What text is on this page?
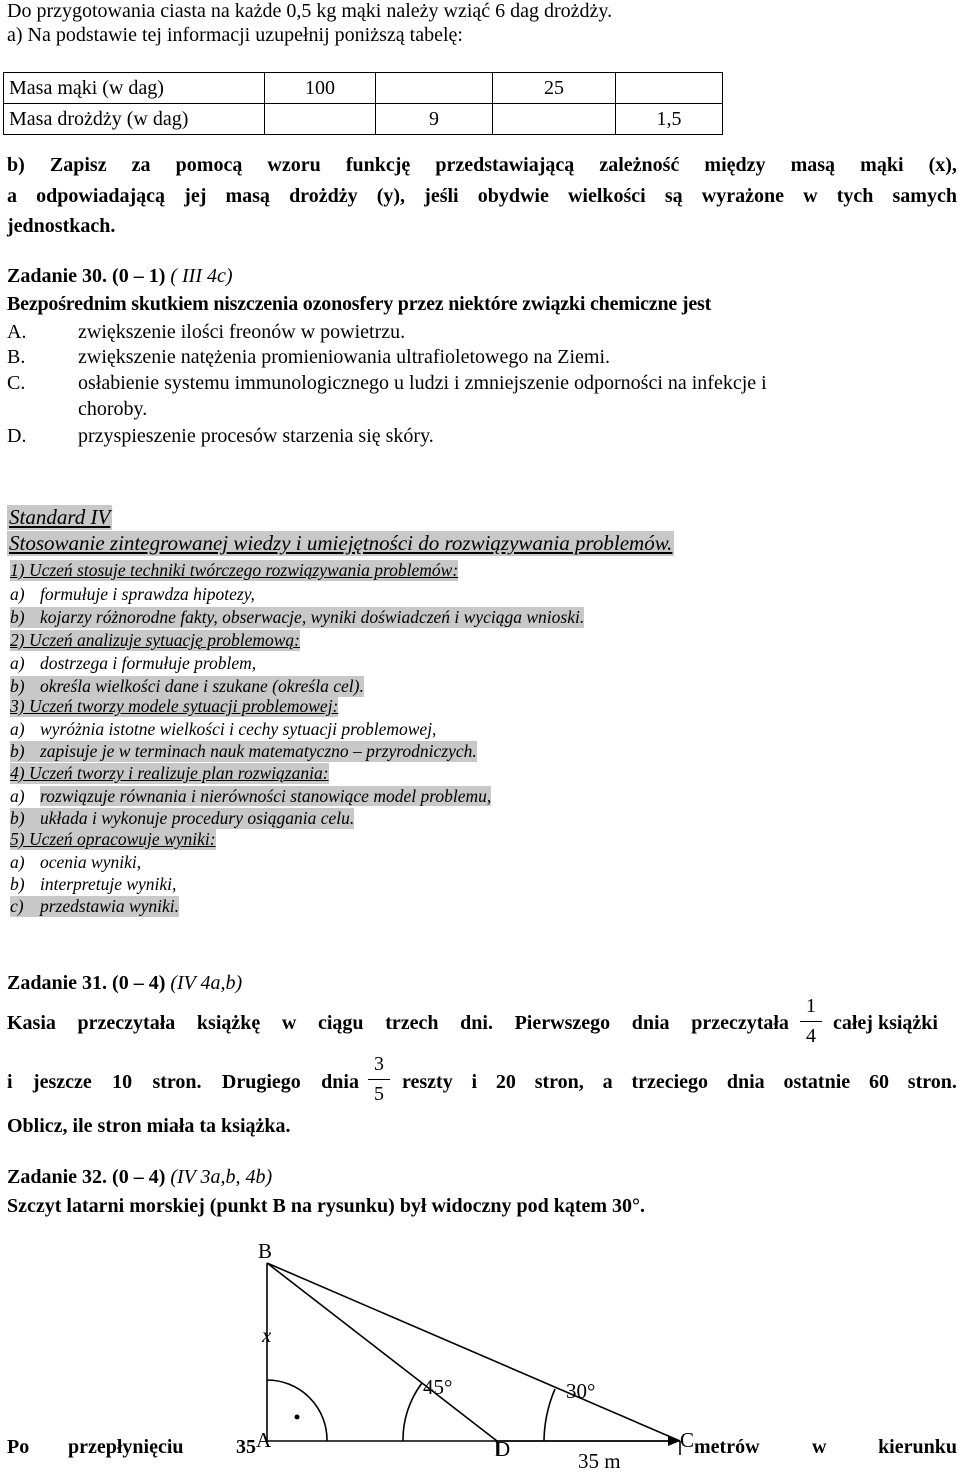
Do przygotowania ciasta na każde 0,5 kg mąki należy wziąć 6 dag drożdży.
a) Na podstawie tej informacji uzupełnij poniższą tabelę:
Masa mąki (w dag)	100		25	
Masa drożdży (w dag)		9		1,5
b) Zapisz za pomocą wzoru funkcję przedstawiającą zależność między masą mąki (x),
a odpowiadającą jej masą drożdży (y), jeśli obydwie wielkości są wyrażone w tych samych
jednostkach.
Zadanie 30. (0 – 1) ( III 4c)
Bezpośrednim skutkiem niszczenia ozonosfery przez niektóre związki chemiczne jest
A.	zwiększenie ilości freonów w powietrzu.
B.	zwiększenie natężenia promieniowania ultrafioletowego na Ziemi.
C.	osłabienie systemu immunologicznego u ludzi i zmniejszenie odporności na infekcje i
choroby.
D.	przyspieszenie procesów starzenia się skóry.
Standard IV
Stosowanie zintegrowanej wiedzy i umiejętności do rozwiązywania problemów.
1) Uczeń stosuje techniki twórczego rozwiązywania problemów:
a) formułuje i sprawdza hipotezy,
b) kojarzy różnorodne fakty, obserwacje, wyniki doświadczeń i wyciąga wnioski.
2) Uczeń analizuje sytuację problemową:
a) dostrzega i formułuje problem,
b) określa wielkości dane i szukane (określa cel).
3) Uczeń tworzy modele sytuacji problemowej:
a) wyróżnia istotne wielkości i cechy sytuacji problemowej,
b) zapisuje je w terminach nauk matematyczno – przyrodniczych.
4) Uczeń tworzy i realizuje plan rozwiązania:
a) rozwiązuje równania i nierówności stanowiące model problemu,
b) układa i wykonuje procedury osiągania celu.
5) Uczeń opracowuje wyniki:
a) ocenia wyniki,
b) interpretuje wyniki,
c) przedstawia wyniki.
Zadanie 31. (0 – 4) (IV 4a,b)
Kasia przeczytała książkę w ciągu trzech dni. Pierwszego dnia przeczytała
1
4
całej książki
i jeszcze 10 stron. Drugiego dnia
3
5
reszty i 20 stron, a trzeciego dnia ostatnie 60 stron.
Oblicz, ile stron miała ta książka.
Zadanie 32. (0 – 4) (IV 3a,b, 4b)
Szczyt latarni morskiej (punkt B na rysunku) był widoczny pod kątem 30°.
B
x
A	D	C
45°	30°
35 m
Po przepłynięciu	35	metrów	w	kierunku
